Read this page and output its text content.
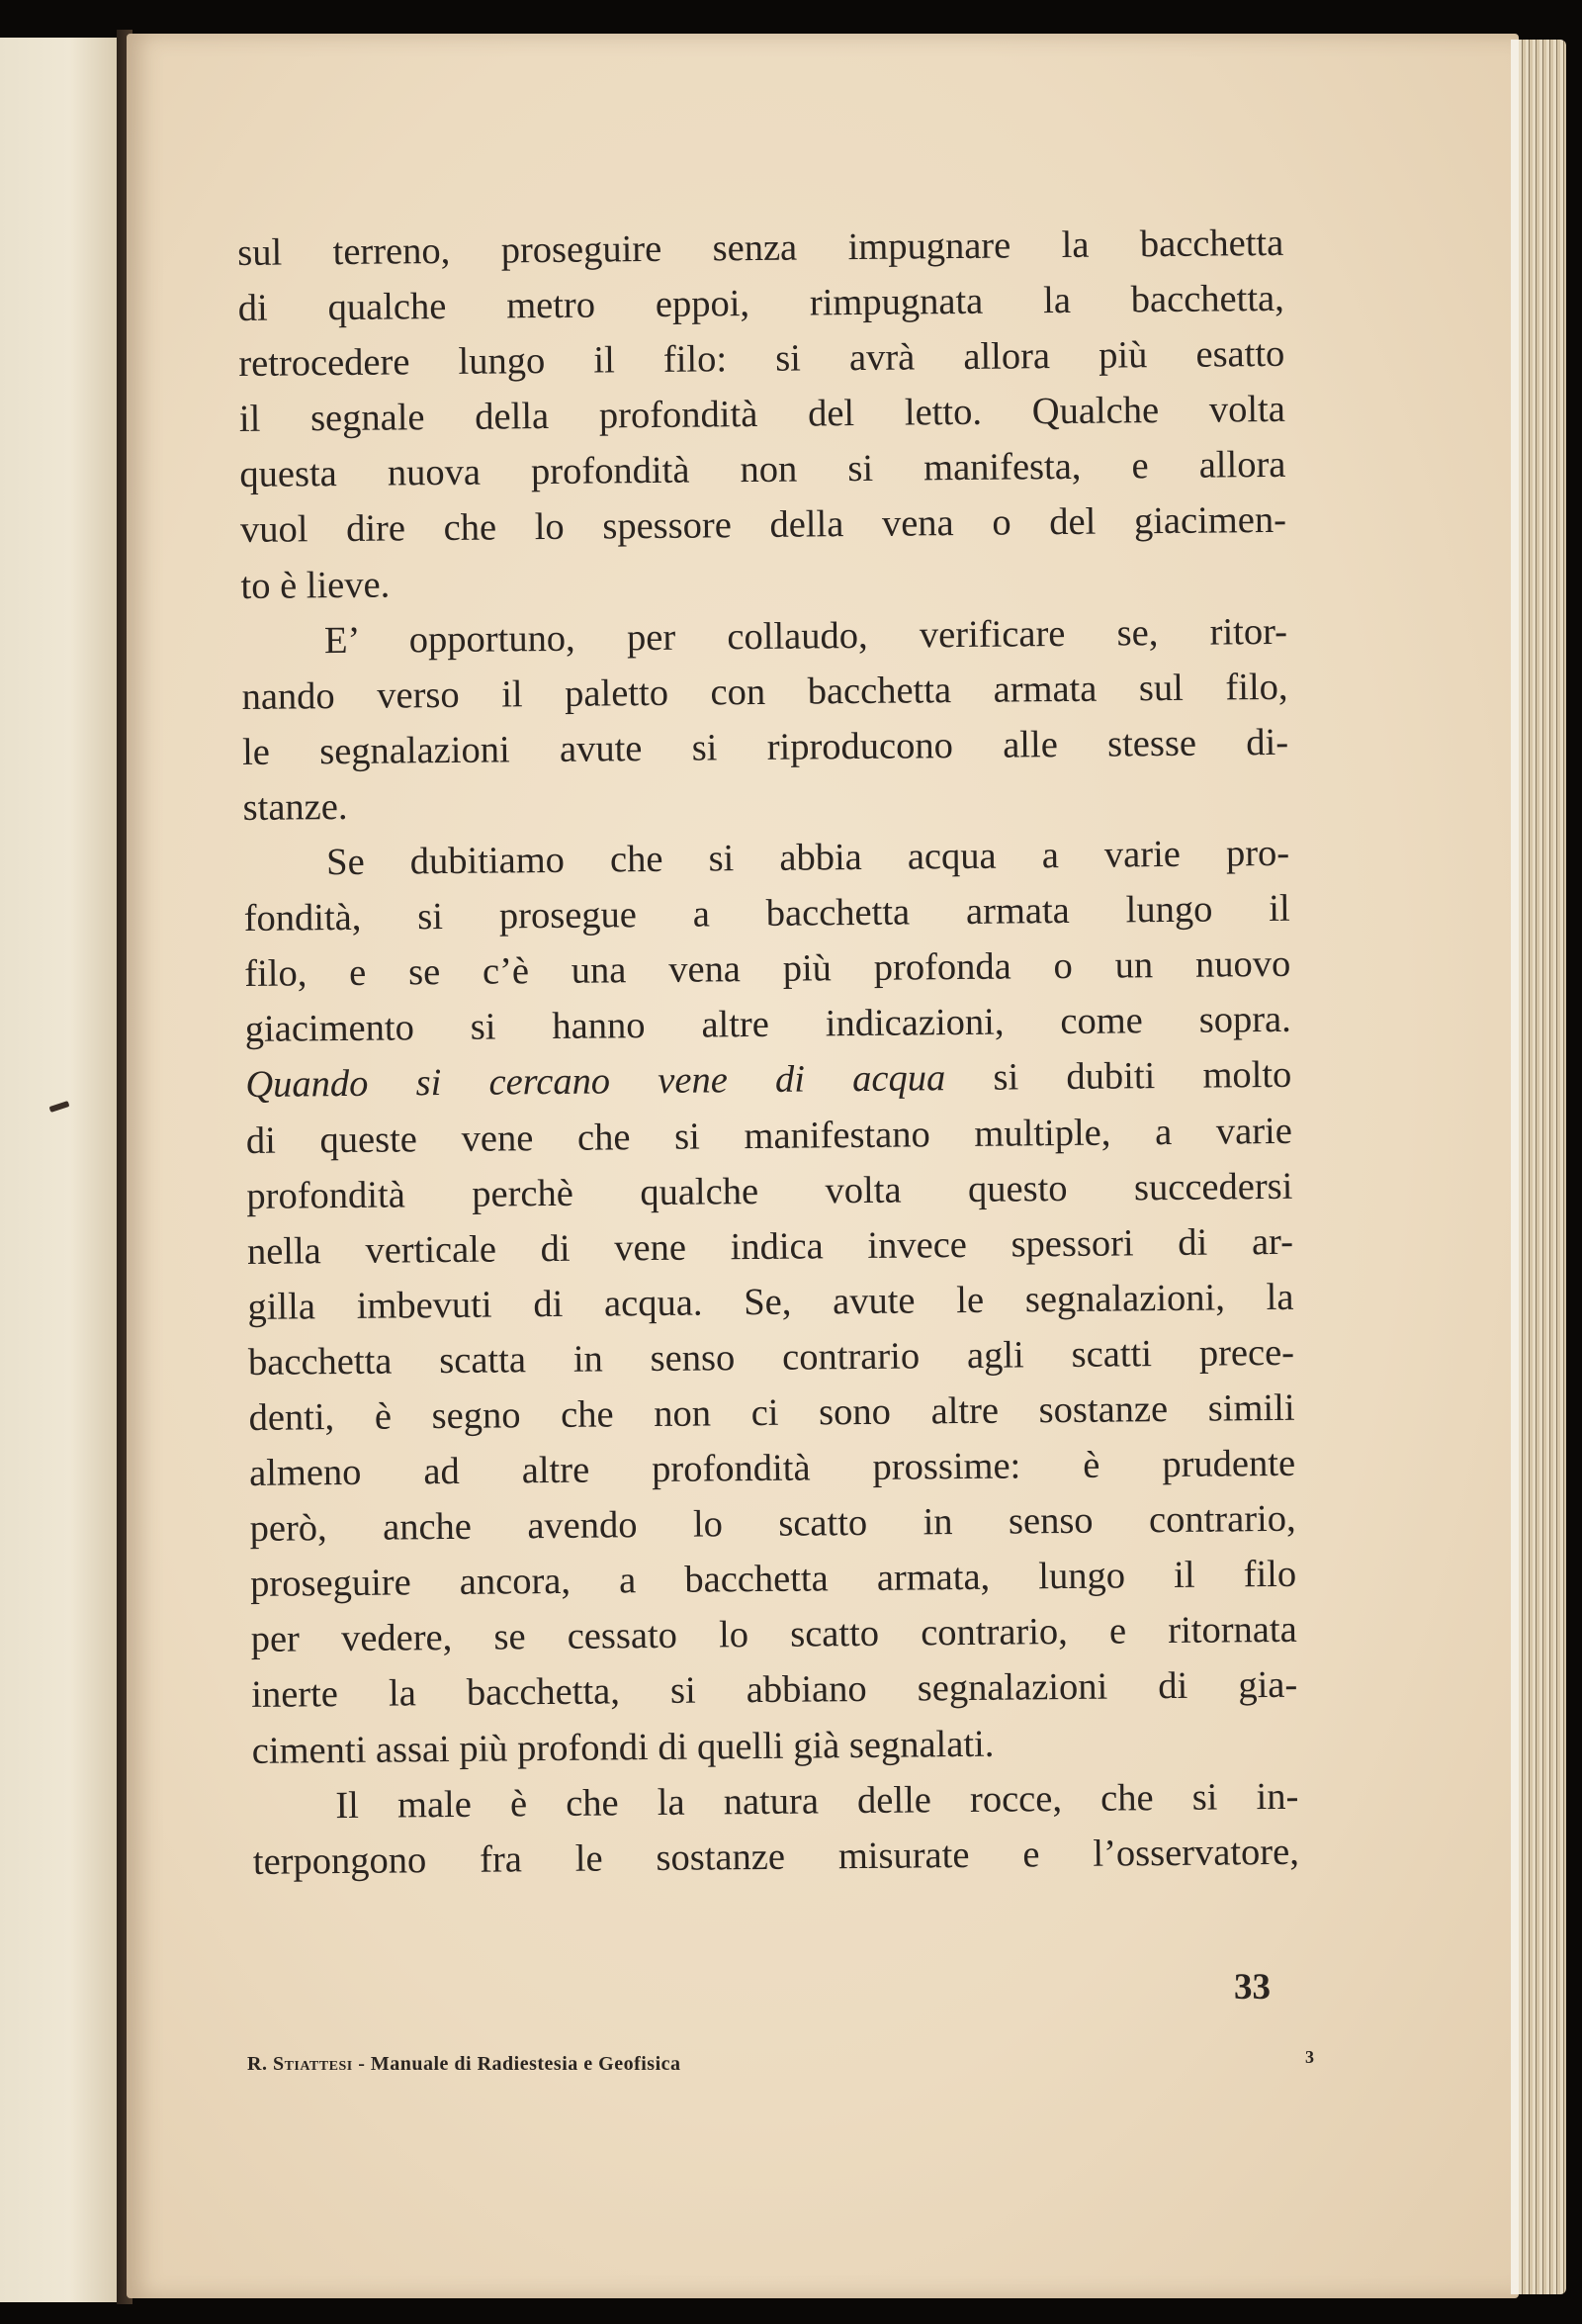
sul terreno, proseguire senza impugnare la bacchetta
di qualche metro eppoi, rimpugnata la bacchetta,
retrocedere lungo il filo: si avrà allora più esatto
il segnale della profondità del letto. Qualche volta
questa nuova profondità non si manifesta, e allora
vuol dire che lo spessore della vena o del giacimen-
to è lieve.
E’ opportuno, per collaudo, verificare se, ritor-
nando verso il paletto con bacchetta armata sul filo,
le segnalazioni avute si riproducono alle stesse di-
stanze.
Se dubitiamo che si abbia acqua a varie pro-
fondità, si prosegue a bacchetta armata lungo il
filo, e se c’è una vena più profonda o un nuovo
giacimento si hanno altre indicazioni, come sopra.
Quando si cercano vene di acqua si dubiti molto
di queste vene che si manifestano multiple, a varie
profondità perchè qualche volta questo succedersi
nella verticale di vene indica invece spessori di ar-
gilla imbevuti di acqua. Se, avute le segnalazioni, la
bacchetta scatta in senso contrario agli scatti prece-
denti, è segno che non ci sono altre sostanze simili
almeno ad altre profondità prossime: è prudente
però, anche avendo lo scatto in senso contrario,
proseguire ancora, a bacchetta armata, lungo il filo
per vedere, se cessato lo scatto contrario, e ritornata
inerte la bacchetta, si abbiano segnalazioni di gia-
cimenti assai più profondi di quelli già segnalati.
Il male è che la natura delle rocce, che si in-
terpongono fra le sostanze misurate e l’osservatore,
33
R. Stiattesi - Manuale di Radiestesia e Geofisica	3
